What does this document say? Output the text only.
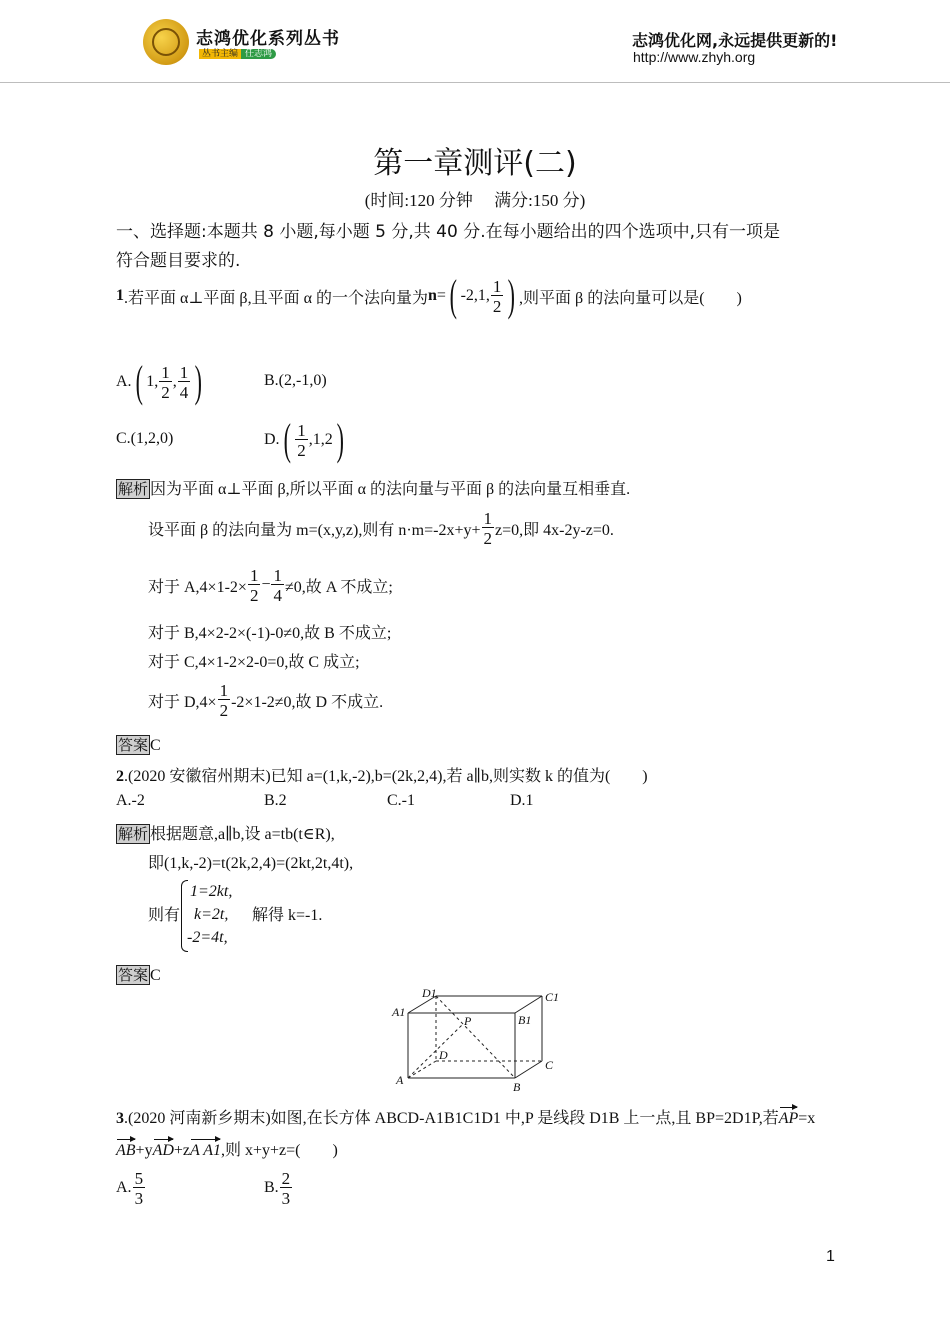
志鸿优化系列丛书
丛书主编 任志鸿
志鸿优化网,永远提供更新的!
http://www.zhyh.org
第一章测评(二)
(时间:120 分钟　 满分:150 分)
一、选择题:本题共 8 小题,每小题 5 分,共 40 分.在每小题给出的四个选项中,只有一项是
符合题目要求的.
1 .若平面 α⊥平面 β,且平面 α 的一个法向量为 n = ( -2,1, $\frac{1}{2}$ ) ,则平面 β 的法向量可以是(　　)
A. ( 1, $\frac{1}{2}$ , $\frac{1}{4}$ )	B.(2,-1,0)
C.(1,2,0)	D. ( $\frac{1}{2} ,1,2$ )
解析 因为平面 α⊥平面 β,所以平面 α 的法向量与平面 β 的法向量互相垂直.
设平面 β 的法向量为 m=(x,y,z),则有 $n\cdot m=-2x+y+ \frac{1}{2} z=0$,即 4x-2y-z=0.
对于 $A,4\times 1-2\times \frac{1}{2} - \frac{1}{4} \ne 0$,故 A 不成立;
对于 B,4×2-2×(-1)-0≠0,故 B 不成立;
对于 C,4×1-2×2-0=0,故 C 成立;
对于 $D,4\times \frac{1}{2} -2\times 1-2\ne 0$,故 D 不成立.
答案 C
2.(2020 安徽宿州期末)已知 a=(1,k,-2),b=(2k,2,4),若 a∥b,则实数 k 的值为(　　)
A.-2	B.2	C.-1	D.1
解析 根据题意,a∥b,设 a=tb(t∈R),
即(1,k,-2)=t(2k,2,4)=(2kt,2t,4t),
则有
1=2kt,
k=2t,
-2=4t,
解得 k=-1.
答案 C
D1	C1
A1
B1
P
D
C
A	B
3.(2020 河南新乡期末)如图,在长方体 ABCD-A1B1C1D1 中,P 是线段 D1B 上一点,且 BP=2D1P,若AP=x
AB+yAD+zA A1,则 x+y+z=(　　)
A. $\frac{5}{3}$	B. $\frac{2}{3}$
1
